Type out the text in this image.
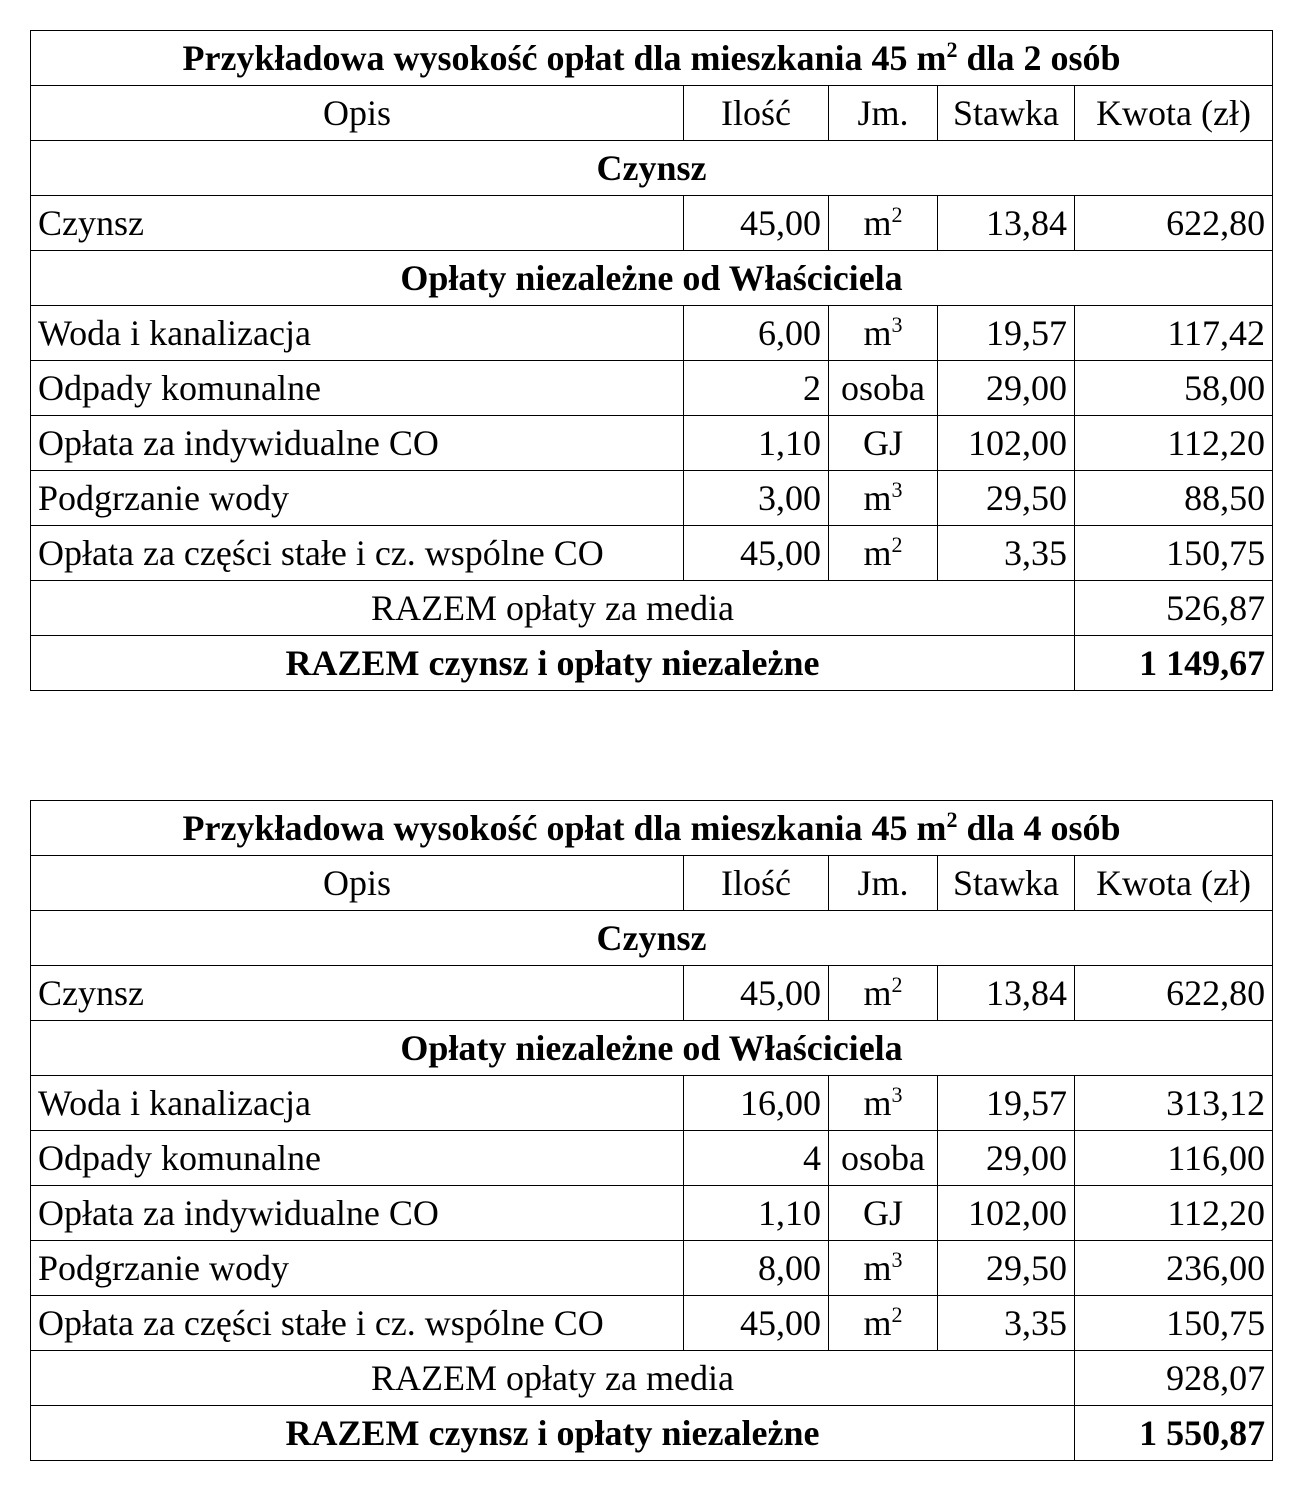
Przykładowa wysokość opłat dla mieszkania 45 $m^2$ dla 2 osób				
Opis	Ilość	Jm.	Stawka	Kwota (zł)
Czynsz				
Czynsz	45,00	$m^2$	13,84	622,80
Opłaty niezależne od Właściciela				
Woda i kanalizacja	6,00	$m^3$	19,57	117,42
Odpady komunalne	2	osoba	29,00	58,00
Opłata za indywidualne CO	1,10	GJ	102,00	112,20
Podgrzanie wody	3,00	$m^3$	29,50	88,50
Opłata za części stałe i cz. wspólne CO	45,00	$m^2$	3,35	150,75
RAZEM opłaty za media				526,87
RAZEM czynsz i opłaty niezależne				1 149,67
Przykładowa wysokość opłat dla mieszkania 45 $m^2$ dla 4 osób				
Opis	Ilość	Jm.	Stawka	Kwota (zł)
Czynsz				
Czynsz	45,00	$m^2$	13,84	622,80
Opłaty niezależne od Właściciela				
Woda i kanalizacja	16,00	$m^3$	19,57	313,12
Odpady komunalne	4	osoba	29,00	116,00
Opłata za indywidualne CO	1,10	GJ	102,00	112,20
Podgrzanie wody	8,00	$m^3$	29,50	236,00
Opłata za części stałe i cz. wspólne CO	45,00	$m^2$	3,35	150,75
RAZEM opłaty za media				928,07
RAZEM czynsz i opłaty niezależne				1 550,87
